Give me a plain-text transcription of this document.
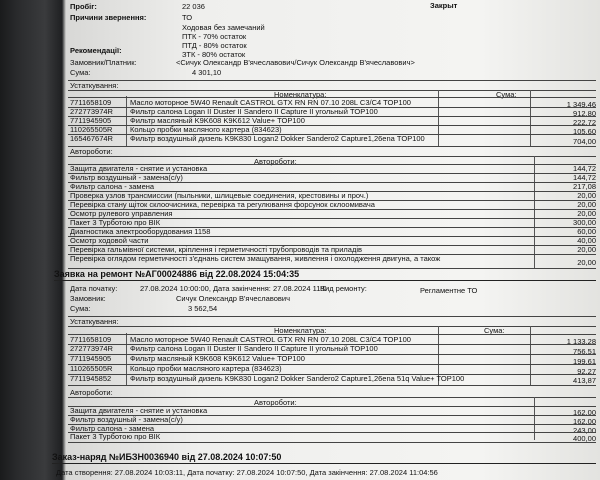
Пробіг:	22 036	Закрыт
Причини звернення:	ТО
Ходовая без замечаний
ПТК - 70% остаток
ПТД - 80% остаток
Рекомендації:	ЗТК - 80% остаток
Замовник/Платник:	<Сичук Олександр В'ячеславович/Сичук Олександр В'ячеславович>
Сума:	4 301,10
Устаткування:
Номенклатура:	Сума:
7711658109	Масло моторное 5W40 Renault CASTROL GTX RN RN 07.10 208L C3/C4 TOP100	1 349,46
272773974R Фильтр салона Logan II Duster II Sandero II Capture II угольный TOP100	912,80
7711945905	Фильтр масляный K9K608 K9K612 Value+ TOP100	222,72
110265505R Кольцо пробки масляного картера (834623)	105,60
165467674R Фильтр воздушный дизель K9K830 Logan2 Dokker Sandero2 Capture1,26enа TOP100	704,00
Автороботи:
Автороботи:
Защита двигателя - снятие и установка	144,72
Фильтр воздушный - замена(с/у)	144,72
Фильтр салона - замена	217,08
Проверка узлов трансмиссии (пыльники, шлицевые соединения, крестовины и проч.)	20,00
Перевірка стану щіток склоочисника, перевірка та регулювання форсунок склоомивача	20,00
Осмотр рулевого управления	20,00
Пакет 3 Турботою про ВІК	300,00
Диагностика электрооборудования 1158	60,00
Осмотр ходовой части	40,00
Перевірка гальмівної системи, кріплення і герметичності трубопроводів та приладів	20,00
Перевірка оглядом герметичності з'єднань систем змащування, живлення і охолодження двигуна, а також	20,00
Заявка на ремонт №АГ00024886 від 22.08.2024 15:04:35
Дата початку:	27.08.2024 10:00:00, Дата закінчення: 27.08.2024 11:0
Вид ремонту:	Регламентне ТО
Замовник:	Сичук Олександр В'ячеславович
Сума:	3 562,54
Устаткування:
Номенклатура:	Сума:
7711658109	Масло моторное 5W40 Renault CASTROL GTX RN RN 07.10 208L C3/C4 TOP100	1 133,28
272773974R Фильтр салона Logan II Duster II Sandero II Capture II угольный TOP100	756,51
7711945905	Фильтр масляный K9K608 K9K612 Value+ TOP100	199,61
110265505R Кольцо пробки масляного картера (834623)	92,27
7711945852	Фильтр воздушный дизель K9K830 Logan2 Dokker Sandero2 Capture1,26enа 51q Value+ TOP100	413,87
Автороботи:
Автороботи:
Защита двигателя - снятие и установка	162,00
Фильтр воздушный - замена(с/у)	162,00
Фильтр салона - замена	243,00
Пакет 3 Турботою про ВІК	400,00
Заказ-наряд №ИБЗН0036940 від 27.08.2024 10:07:50
Дата створення: 27.08.2024 10:03:11, Дата початку: 27.08.2024 10:07:50, Дата закінчення: 27.08.2024 11:04:56
